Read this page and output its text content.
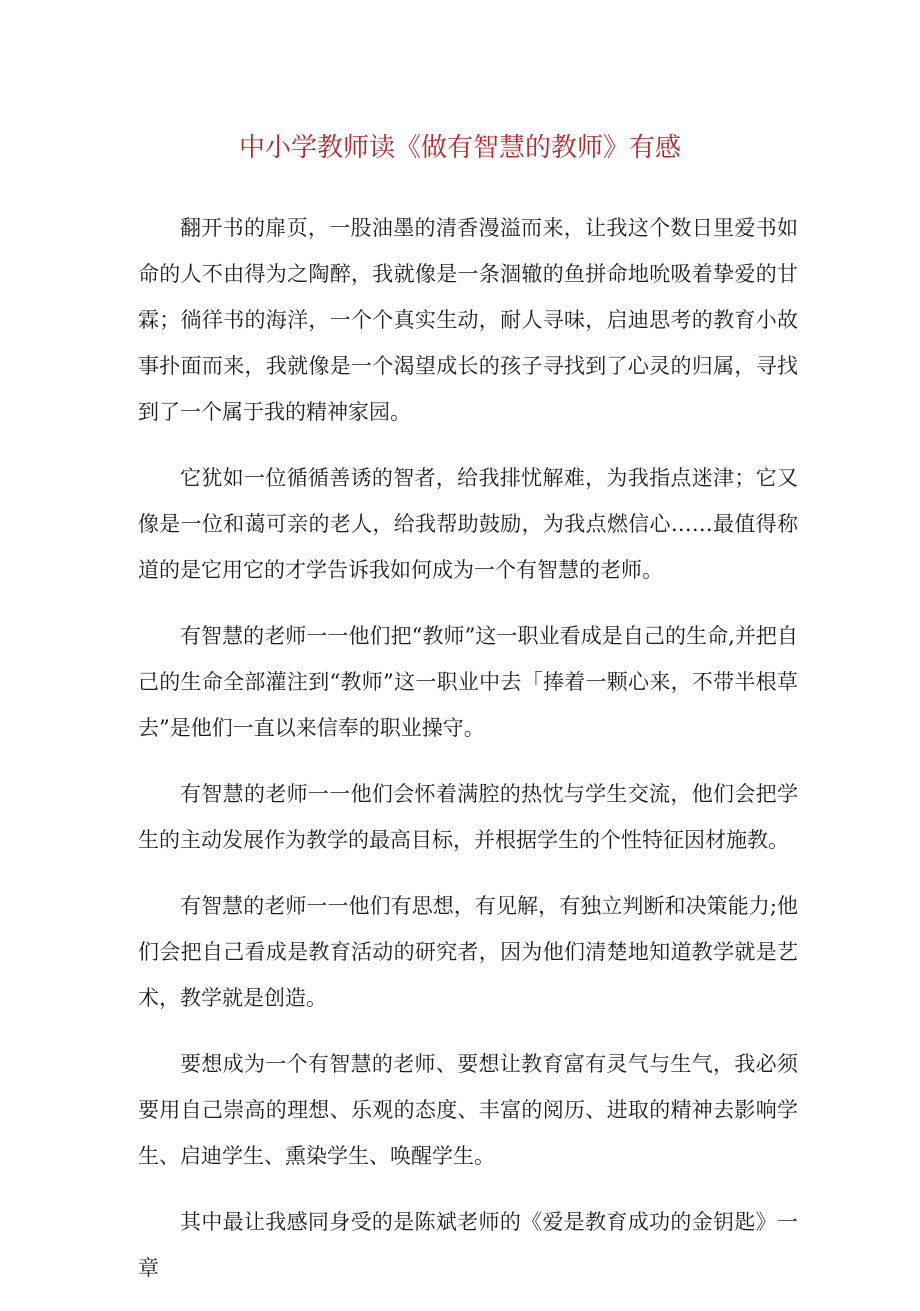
中小学教师读《做有智慧的教师》有感

翻开书的扉页，一股油墨的清香漫溢而来，让我这个数日里爱书如命的人不由得为之陶醉，我就像是一条涸辙的鱼拼命地吮吸着挚爱的甘霖；徜徉书的海洋，一个个真实生动，耐人寻味，启迪思考的教育小故事扑面而来，我就像是一个渴望成长的孩子寻找到了心灵的归属，寻找到了一个属于我的精神家园。

它犹如一位循循善诱的智者，给我排忧解难，为我指点迷津；它又像是一位和蔼可亲的老人，给我帮助鼓励，为我点燃信心……最值得称道的是它用它的才学告诉我如何成为一个有智慧的老师。

有智慧的老师一一他们把“教师”这一职业看成是自己的生命,并把自己的生命全部灌注到“教师”这一职业中去「捧着一颗心来，不带半根草去”是他们一直以来信奉的职业操守。

有智慧的老师一一他们会怀着满腔的热忱与学生交流，他们会把学生的主动发展作为教学的最高目标，并根据学生的个性特征因材施教。

有智慧的老师一一他们有思想，有见解，有独立判断和决策能力;他们会把自己看成是教育活动的研究者，因为他们清楚地知道教学就是艺术，教学就是创造。

要想成为一个有智慧的老师、要想让教育富有灵气与生气，我必须要用自己崇高的理想、乐观的态度、丰富的阅历、进取的精神去影响学生、启迪学生、熏染学生、唤醒学生。

其中最让我感同身受的是陈斌老师的《爱是教育成功的金钥匙》一章
